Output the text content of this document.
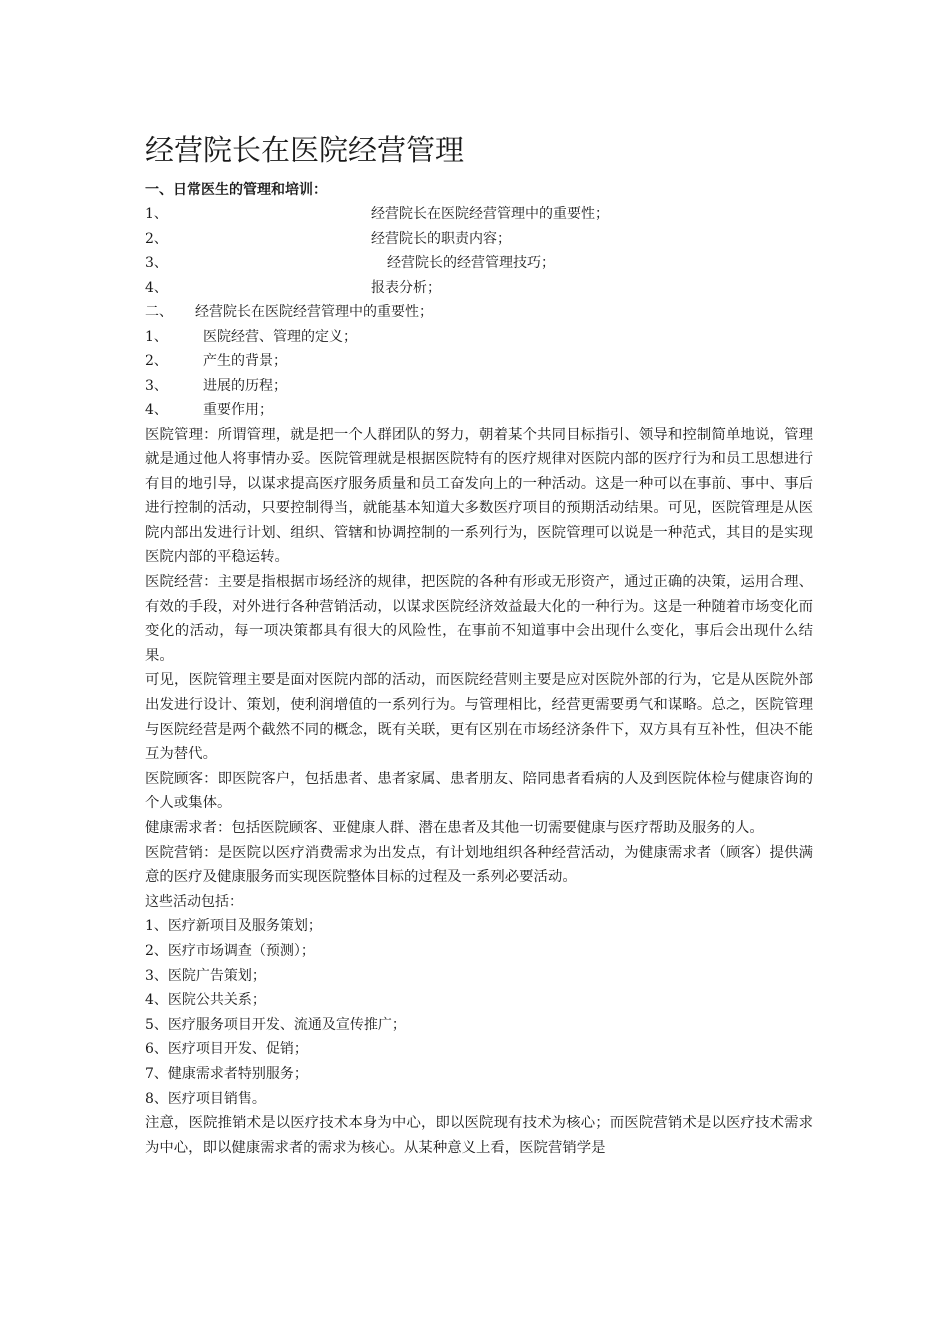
经营院长在医院经营管理

一、日常医生的管理和培训：

1、	经营院长在医院经营管理中的重要性；
2、	经营院长的职责内容；
3、	经营院长的经营管理技巧；
4、	报表分析；
二、 经营院长在医院经营管理中的重要性；
1、	医院经营、管理的定义；
2、	产生的背景；
3、	进展的历程；
4、	重要作用；

医院管理：所谓管理，就是把一个人群团队的努力，朝着某个共同目标指引、领导和控制简单地说，管理就是通过他人将事情办妥。医院管理就是根据医院特有的医疗规律对医院内部的医疗行为和员工思想进行有目的地引导，以谋求提高医疗服务质量和员工奋发向上的一种活动。这是一种可以在事前、事中、事后进行控制的活动，只要控制得当，就能基本知道大多数医疗项目的预期活动结果。可见，医院管理是从医院内部出发进行计划、组织、管辖和协调控制的一系列行为，医院管理可以说是一种范式，其目的是实现医院内部的平稳运转。

医院经营：主要是指根据市场经济的规律，把医院的各种有形或无形资产，通过正确的决策，运用合理、有效的手段，对外进行各种营销活动，以谋求医院经济效益最大化的一种行为。这是一种随着市场变化而变化的活动，每一项决策都具有很大的风险性，在事前不知道事中会出现什么变化，事后会出现什么结果。

可见，医院管理主要是面对医院内部的活动，而医院经营则主要是应对医院外部的行为，它是从医院外部出发进行设计、策划，使利润增值的一系列行为。与管理相比，经营更需要勇气和谋略。总之，医院管理与医院经营是两个截然不同的概念，既有关联，更有区别在市场经济条件下，双方具有互补性，但决不能互为替代。

医院顾客：即医院客户，包括患者、患者家属、患者朋友、陪同患者看病的人及到医院体检与健康咨询的个人或集体。

健康需求者：包括医院顾客、亚健康人群、潜在患者及其他一切需要健康与医疗帮助及服务的人。

医院营销：是医院以医疗消费需求为出发点，有计划地组织各种经营活动，为健康需求者（顾客）提供满意的医疗及健康服务而实现医院整体目标的过程及一系列必要活动。

这些活动包括：

1、医疗新项目及服务策划；

2、医疗市场调查（预测）；

3、医院广告策划；

4、医院公共关系；

5、医疗服务项目开发、流通及宣传推广；

6、医疗项目开发、促销；

7、健康需求者特别服务；

8、医疗项目销售。

注意，医院推销术是以医疗技术本身为中心，即以医院现有技术为核心；而医院营销术是以医疗技术需求为中心，即以健康需求者的需求为核心。从某种意义上看，医院营销学是
